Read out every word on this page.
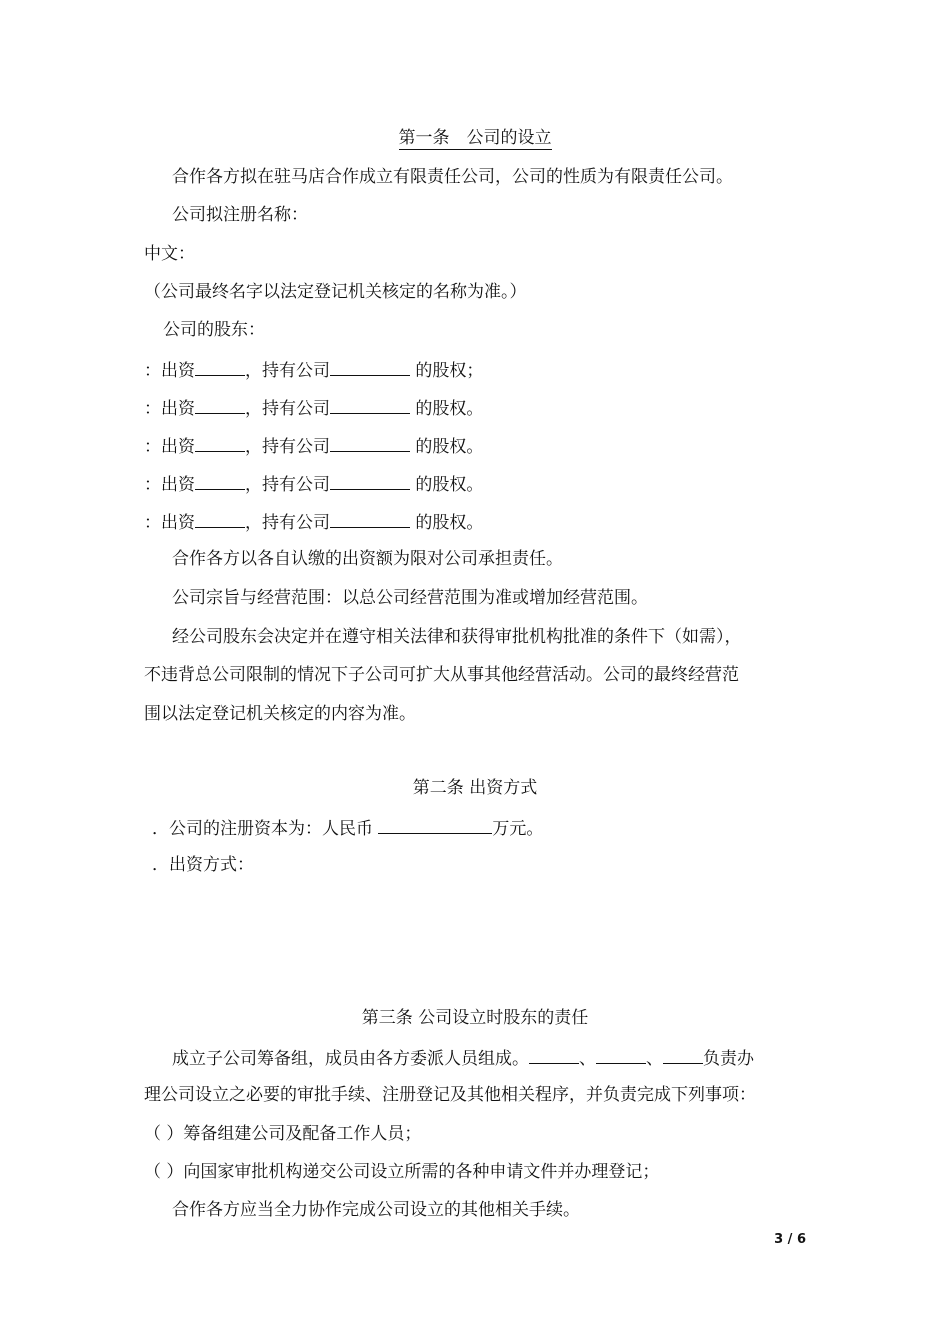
第一条　公司的设立
合作各方拟在驻马店合作成立有限责任公司，公司的性质为有限责任公司。
公司拟注册名称：
中文：
（公司最终名字以法定登记机关核定的名称为准。）
公司的股东：
：出资	，持有公司	的股权；
：出资	，持有公司	的股权。
：出资	，持有公司	的股权。
：出资	，持有公司	的股权。
：出资	，持有公司	的股权。
合作各方以各自认缴的出资额为限对公司承担责任。
公司宗旨与经营范围：以总公司经营范围为准或增加经营范围。
经公司股东会决定并在遵守相关法律和获得审批机构批准的条件下（如需），
不违背总公司限制的情况下子公司可扩大从事其他经营活动。公司的最终经营范
围以法定登记机关核定的内容为准。
第二条 出资方式
．公司的注册资本为：人民币	万元。
．出资方式：
第三条 公司设立时股东的责任
成立子公司筹备组，成员由各方委派人员组成。	、	、 负责办
理公司设立之必要的审批手续、注册登记及其他相关程序，并负责完成下列事项：
（ ）筹备组建公司及配备工作人员；
（ ）向国家审批机构递交公司设立所需的各种申请文件并办理登记；
合作各方应当全力协作完成公司设立的其他相关手续。
3 / 6
